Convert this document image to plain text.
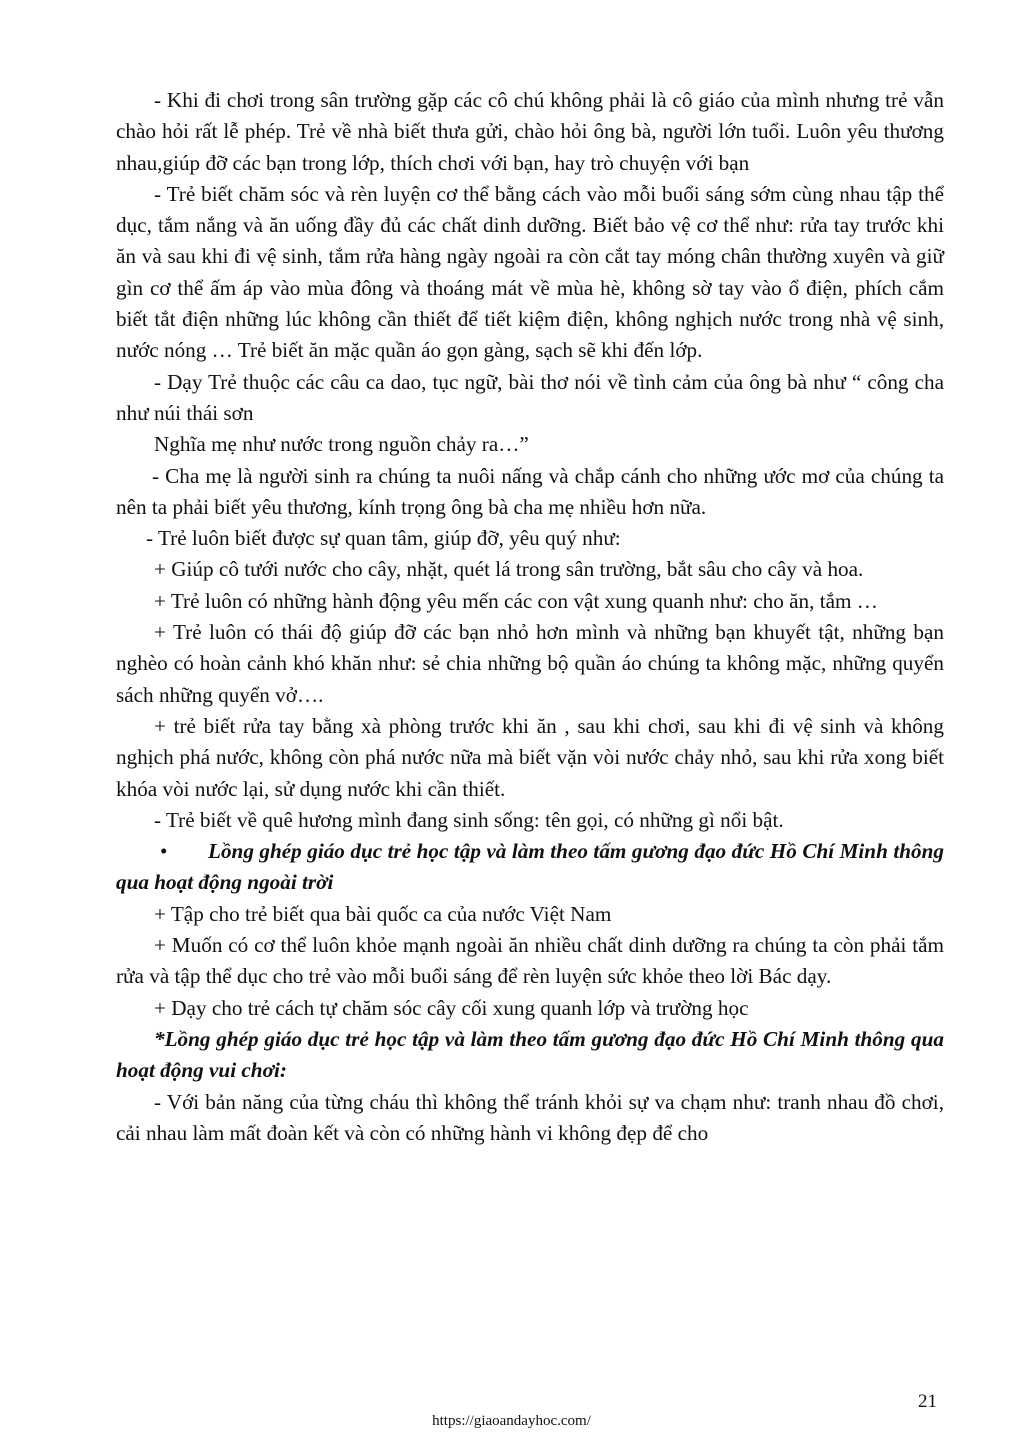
- Khi đi chơi trong sân trường gặp các cô chú không phải là cô giáo của mình nhưng trẻ vẫn chào hỏi rất lễ phép. Trẻ về nhà biết thưa gửi, chào hỏi ông bà, người lớn tuổi. Luôn yêu thương nhau,giúp đỡ các bạn trong lớp, thích chơi với bạn, hay trò chuyện với bạn

- Trẻ biết chăm sóc và rèn luyện cơ thể bằng cách vào mỗi buổi sáng sớm cùng nhau tập thể dục, tắm nắng và ăn uống đầy đủ các chất dinh dưỡng. Biết bảo vệ cơ thể như: rửa tay trước khi ăn và sau khi đi vệ sinh, tắm rửa hàng ngày ngoài ra còn cắt tay móng chân thường xuyên và giữ gìn cơ thể ấm áp vào mùa đông và thoáng mát về mùa hè, không sờ tay vào ổ điện, phích cắm biết tắt điện những lúc không cần thiết để tiết kiệm điện, không nghịch nước trong nhà vệ sinh, nước nóng … Trẻ biết ăn mặc quần áo gọn gàng, sạch sẽ khi đến lớp.

- Dạy Trẻ thuộc các câu ca dao, tục ngữ, bài thơ nói về tình cảm của ông bà như “ công cha như núi thái sơn

Nghĩa mẹ như nước trong nguồn chảy ra…”

- Cha mẹ là người sinh ra chúng ta nuôi nấng và chắp cánh cho những ước mơ của chúng ta nên ta phải biết yêu thương, kính trọng ông bà cha mẹ nhiều hơn nữa.

- Trẻ luôn biết được sự quan tâm, giúp đỡ, yêu quý như:

+ Giúp cô tưới nước cho cây, nhặt, quét lá trong sân trường, bắt sâu cho cây và hoa.

+ Trẻ luôn có những hành động yêu mến các con vật xung quanh như: cho ăn, tắm …

+ Trẻ luôn có thái độ giúp đỡ các bạn nhỏ hơn mình và những bạn khuyết tật, những bạn nghèo có hoàn cảnh khó khăn như: sẻ chia những bộ quần áo chúng ta không mặc, những quyển sách những quyển vở….

+ trẻ biết rửa tay bằng xà phòng trước khi ăn , sau khi chơi, sau khi đi vệ sinh và không nghịch phá nước, không còn phá nước nữa mà biết vặn vòi nước chảy nhỏ, sau khi rửa xong biết khóa vòi nước lại, sử dụng nước khi cần thiết.

- Trẻ biết về quê hương mình đang sinh sống: tên gọi, có những gì nổi bật.

• Lồng ghép giáo dục trẻ học tập và làm theo tấm gương đạo đức Hồ Chí Minh thông qua hoạt động ngoài trời

+ Tập cho trẻ biết qua bài quốc ca của nước Việt Nam

+ Muốn có cơ thể luôn khỏe mạnh ngoài ăn nhiều chất dinh dưỡng ra chúng ta còn phải tắm rửa và tập thể dục cho trẻ vào mỗi buổi sáng để rèn luyện sức khỏe theo lời Bác dạy.

+ Dạy cho trẻ cách tự chăm sóc cây cối xung quanh lớp và trường học

*Lồng ghép giáo dục trẻ học tập và làm theo tấm gương đạo đức Hồ Chí Minh thông qua hoạt động vui chơi:

- Với bản năng của từng cháu thì không thể tránh khỏi sự va chạm như: tranh nhau đồ chơi, cải nhau làm mất đoàn kết và còn có những hành vi không đẹp để cho

21
https://giaoandayhoc.com/
